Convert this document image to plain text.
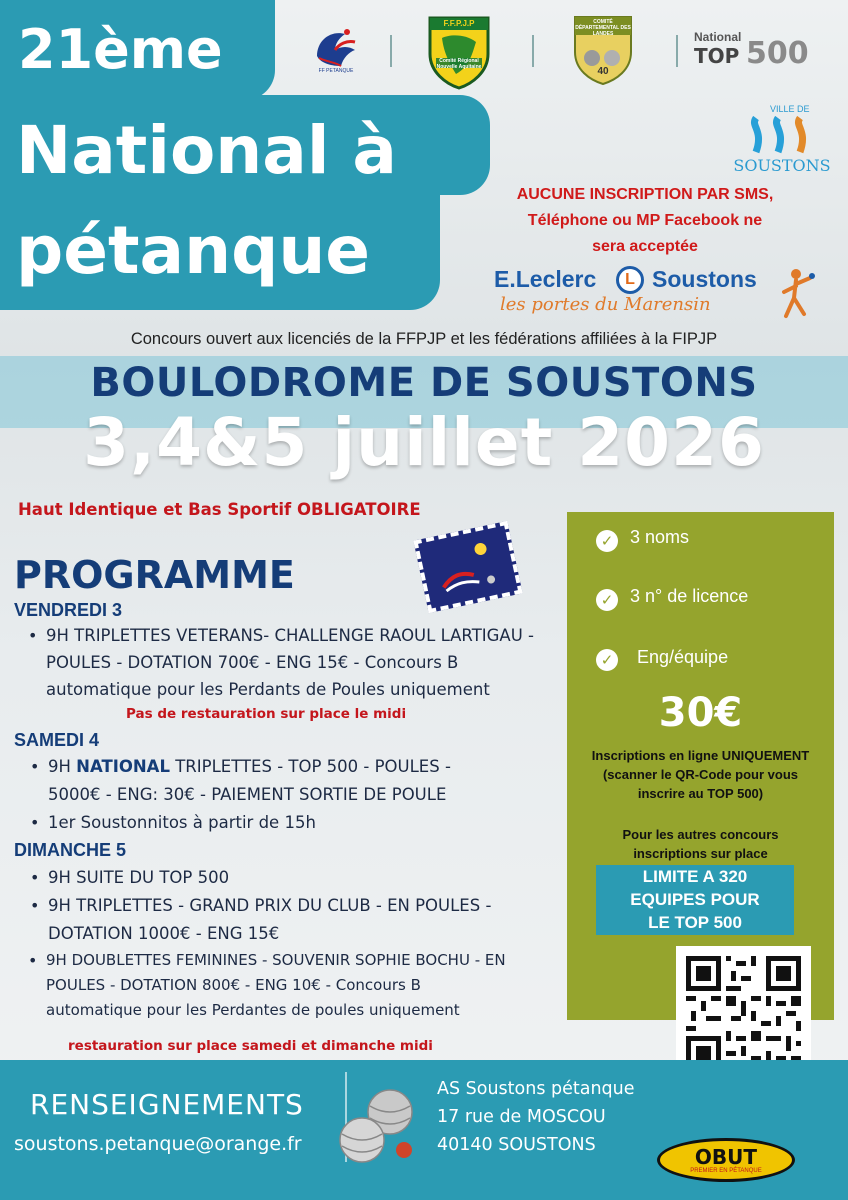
21ème
National à
pétanque
FF PETANQUE
F.F.P.J.P
Comité Régional Nouvelle Aquitaine	40
COMITÉ DÉPARTEMENTAL DES LANDES	National
TOP 500
VILLE DE
SOUSTONS
AUCUNE INSCRIPTION PAR SMS,
Téléphone ou MP Facebook ne
sera acceptée
E.Leclerc	L Soustons
les portes du Marensin
Concours ouvert aux licenciés de la FFPJP et les fédérations affiliées à la FIPJP
BOULODROME DE SOUSTONS
3,4&5 juillet 2026
Haut Identique et Bas Sportif OBLIGATOIRE
✓ 3 noms
✓ 3 n° de licence
✓ Eng/équipe
30€
Inscriptions en ligne UNIQUEMENT
(scanner le QR-Code pour vous
inscrire au TOP 500)
Pour les autres concours
inscriptions sur place
LIMITE A 320
EQUIPES POUR
LE TOP 500
PROGRAMME
VENDREDI 3
• 9H TRIPLETTES VETERANS- CHALLENGE RAOUL LARTIGAU -
POULES - DOTATION 700€ - ENG 15€ - Concours B
automatique pour les Perdants de Poules uniquement
Pas de restauration sur place le midi
SAMEDI 4
• 9H NATIONAL TRIPLETTES - TOP 500 - POULES -
5000€ - ENG: 30€ - PAIEMENT SORTIE DE POULE
• 1er Soustonnitos à partir de 15h
DIMANCHE 5
• 9H SUITE DU TOP 500
• 9H TRIPLETTES - GRAND PRIX DU CLUB - EN POULES -
DOTATION 1000€ - ENG 15€
• 9H DOUBLETTES FEMININES - SOUVENIR SOPHIE BOCHU - EN
POULES - DOTATION 800€ - ENG 10€ - Concours B
automatique pour les Perdantes de poules uniquement
restauration sur place samedi et dimanche midi
RENSEIGNEMENTS
soustons.petanque@orange.fr
AS Soustons pétanque
17 rue de MOSCOU
40140 SOUSTONS	OBUT
PREMIER EN PÉTANQUE
